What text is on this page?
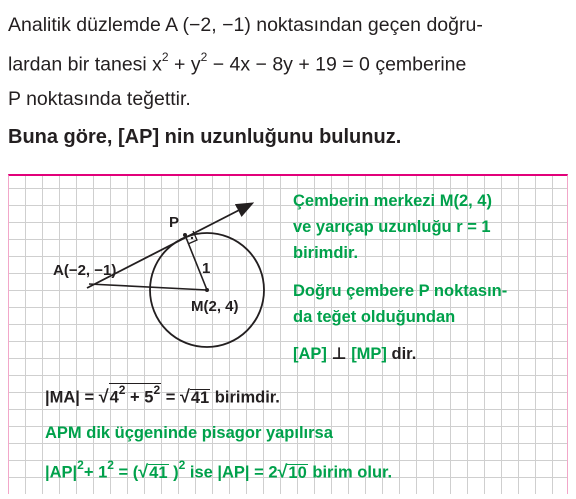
Analitik düzlemde A (−2, −1) noktasından geçen doğru-
lardan bir tanesi $x^2 + y^2 - 4x - 8y + 19 = 0$ çemberine
P noktasında teğettir.
Buna göre, [AP] nin uzunluğunu bulunuz.
P
A(−2, −1)	1
M(2, 4)
Çemberin merkezi M(2, 4)
ve yarıçap uzunluğu r = 1
birimdir.
Doğru çembere P noktasın-
da teğet olduğundan
[AP] ⊥ [MP] dir.
$|MA| = √4^2 + 5^2 = √41$ birimdir.
APM dik üçgeninde pisagor yapılırsa
$|AP|^2+ 1^2 = (√41$ )$^2$ ise |AP| = 2√10 birim olur.
